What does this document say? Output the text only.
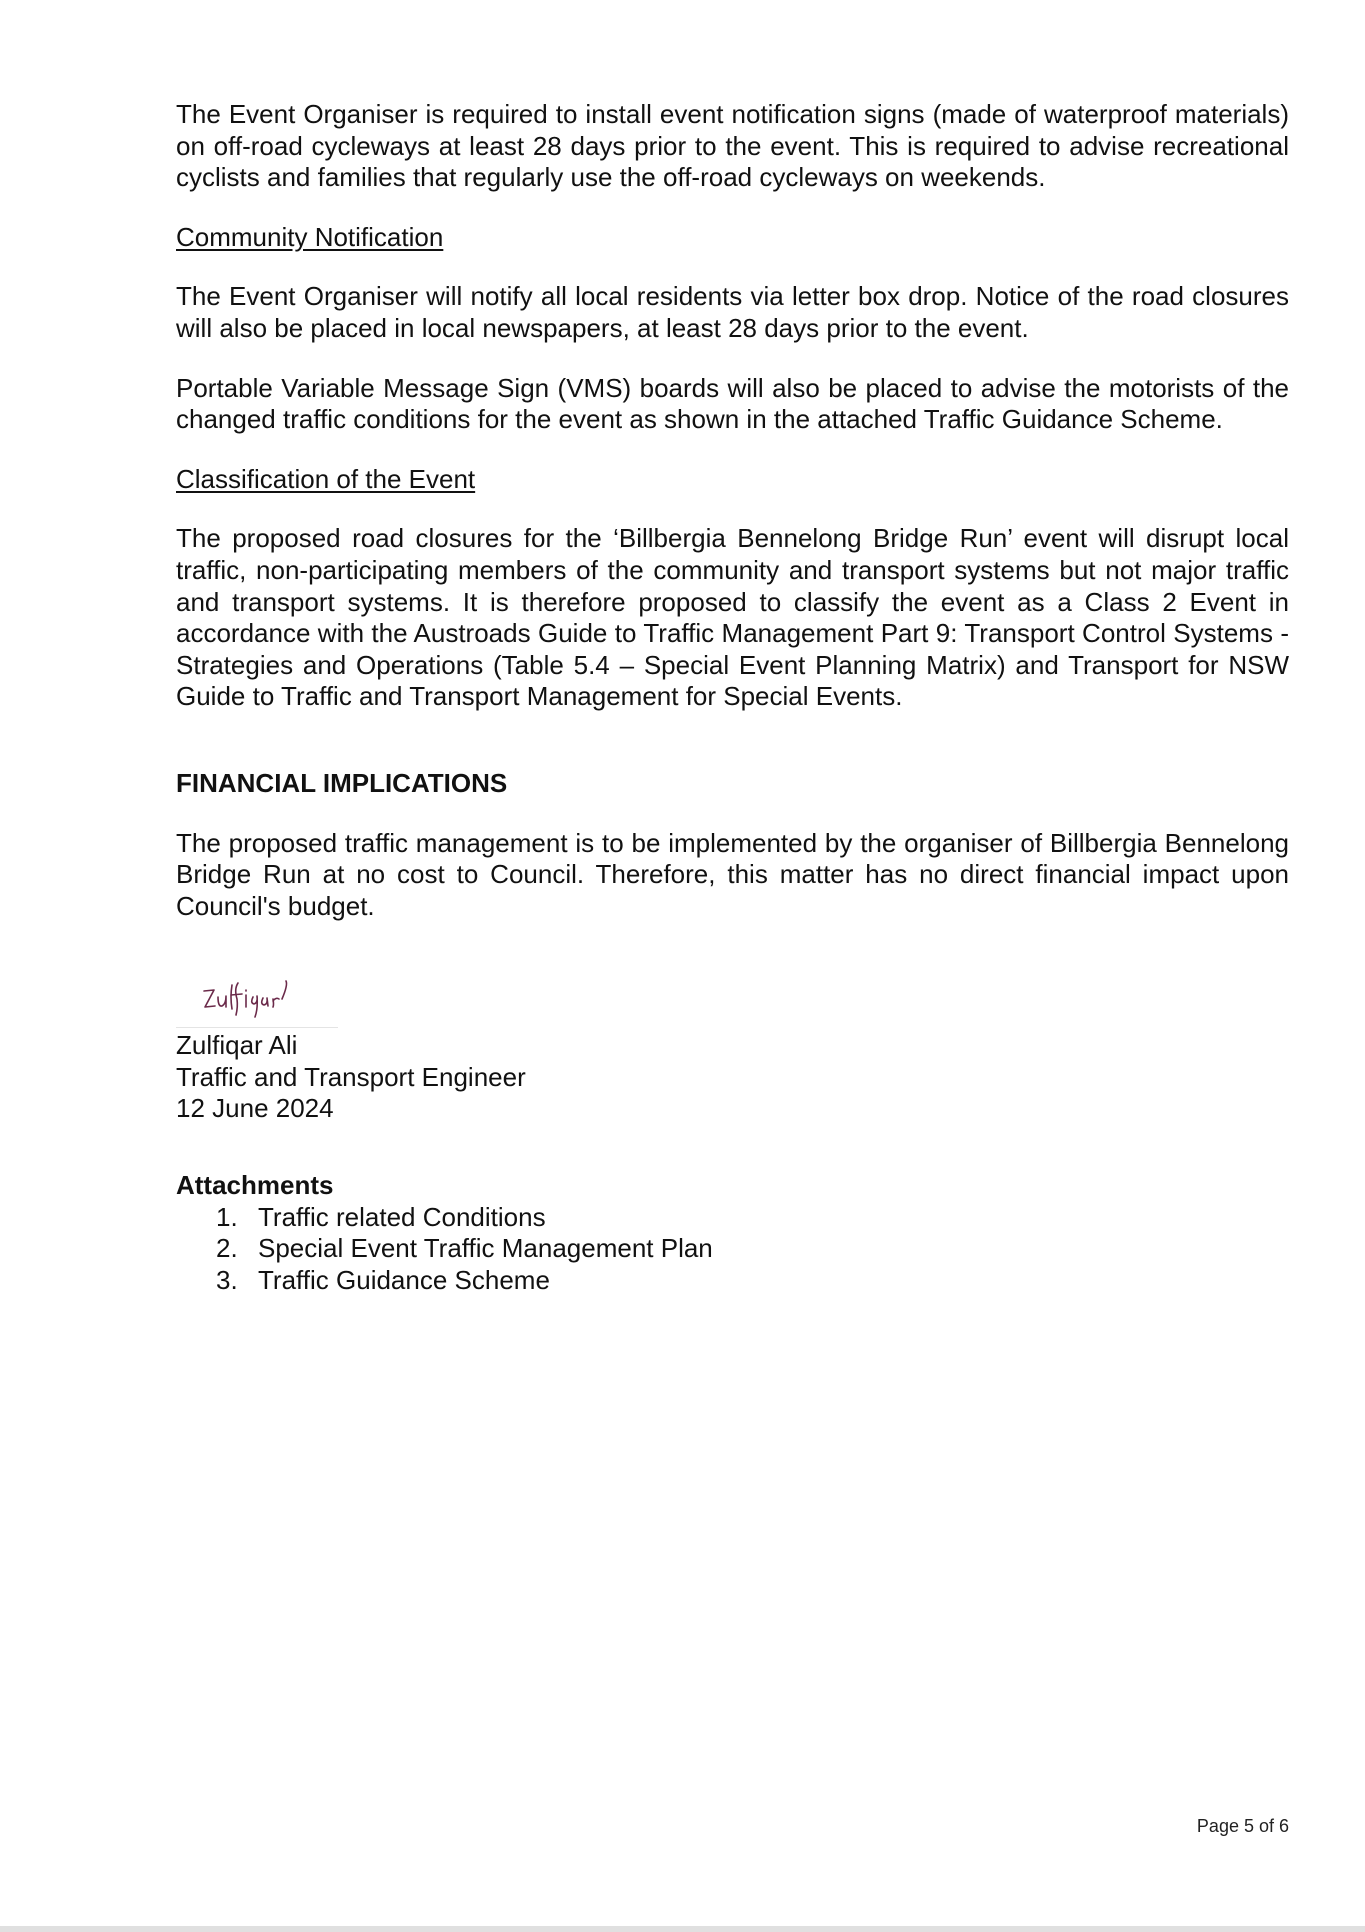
The Event Organiser is required to install event notification signs (made of waterproof materials) on off-road cycleways at least 28 days prior to the event. This is required to advise recreational cyclists and families that regularly use the off-road cycleways on weekends.

Community Notification

The Event Organiser will notify all local residents via letter box drop. Notice of the road closures will also be placed in local newspapers, at least 28 days prior to the event.

Portable Variable Message Sign (VMS) boards will also be placed to advise the motorists of the changed traffic conditions for the event as shown in the attached Traffic Guidance Scheme.

Classification of the Event

The proposed road closures for the ‘Billbergia Bennelong Bridge Run’ event will disrupt local traffic, non-participating members of the community and transport systems but not major traffic and transport systems. It is therefore proposed to classify the event as a Class 2 Event in accordance with the Austroads Guide to Traffic Management Part 9: Transport Control Systems - Strategies and Operations (Table 5.4 – Special Event Planning Matrix) and Transport for NSW Guide to Traffic and Transport Management for Special Events.

FINANCIAL IMPLICATIONS

The proposed traffic management is to be implemented by the organiser of Billbergia Bennelong Bridge Run at no cost to Council. Therefore, this matter has no direct financial impact upon Council's budget.

Zulfiqar Ali
Traffic and Transport Engineer
12 June 2024
Attachments
1. Traffic related Conditions
2. Special Event Traffic Management Plan
3. Traffic Guidance Scheme
Page 5 of 6
